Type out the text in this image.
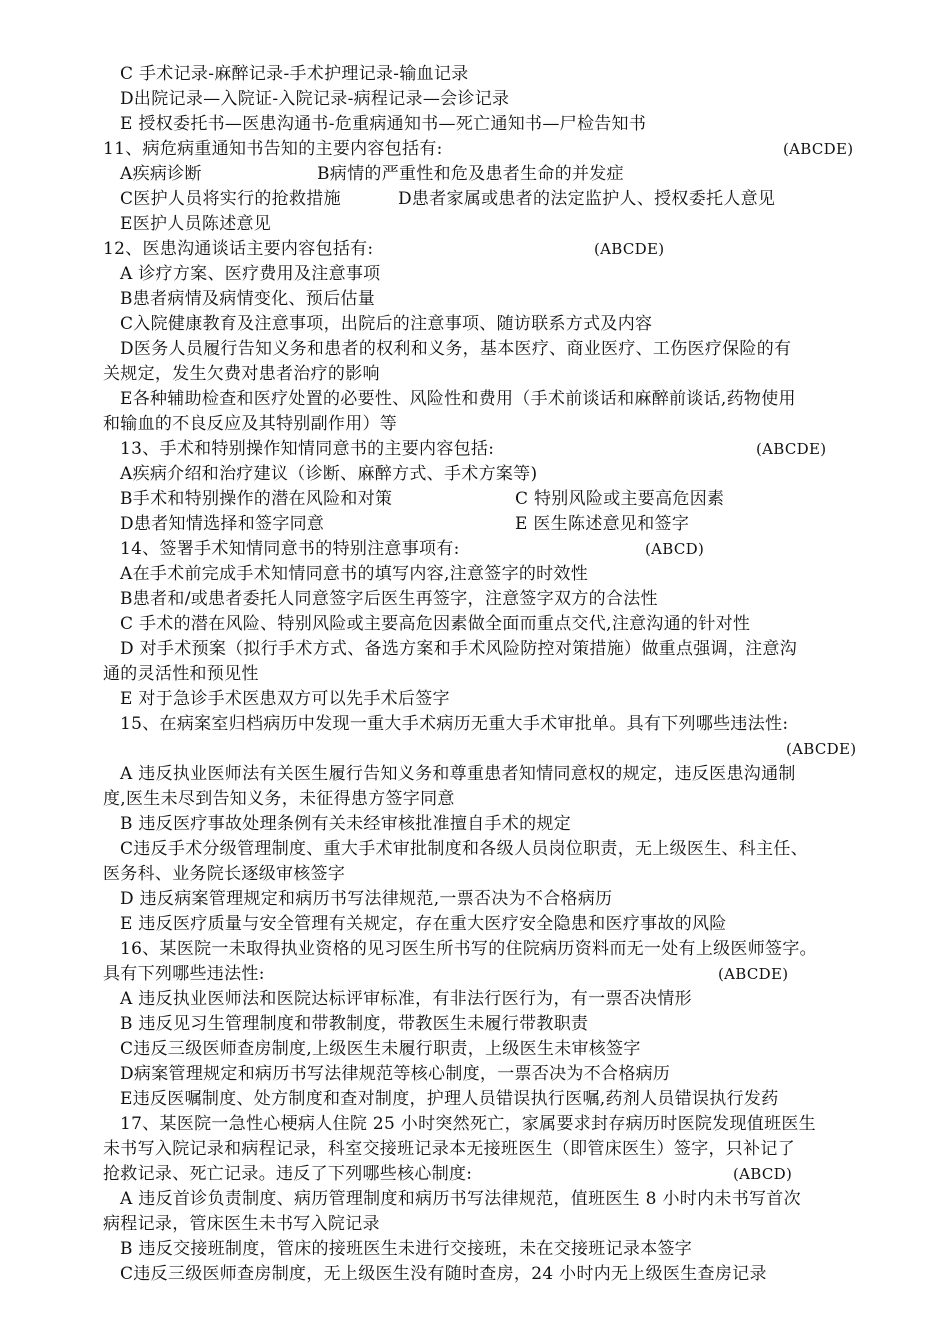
C 手术记录-麻醉记录-手术护理记录-输血记录
D出院记录—入院证-入院记录-病程记录—会诊记录
E 授权委托书—医患沟通书-危重病通知书—死亡通知书—尸检告知书
11、病危病重通知书告知的主要内容包括有:	(ABCDE)
A疾病诊断	B病情的严重性和危及患者生命的并发症
C医护人员将实行的抢救措施	D患者家属或患者的法定监护人、授权委托人意见
E医护人员陈述意见
12、医患沟通谈话主要内容包括有:	(ABCDE)
A 诊疗方案、医疗费用及注意事项
B患者病情及病情变化、预后估量
C入院健康教育及注意事项，出院后的注意事项、随访联系方式及内容
D医务人员履行告知义务和患者的权利和义务，基本医疗、商业医疗、工伤医疗保险的有
关规定，发生欠费对患者治疗的影响
E各种辅助检查和医疗处置的必要性、风险性和费用（手术前谈话和麻醉前谈话,药物使用
和输血的不良反应及其特别副作用）等
13、手术和特别操作知情同意书的主要内容包括:	(ABCDE)
A疾病介绍和治疗建议（诊断、麻醉方式、手术方案等)
B手术和特别操作的潜在风险和对策	C 特别风险或主要高危因素
D患者知情选择和签字同意	E 医生陈述意见和签字
14、签署手术知情同意书的特别注意事项有:	(ABCD)
A在手术前完成手术知情同意书的填写内容,注意签字的时效性
B患者和/或患者委托人同意签字后医生再签字，注意签字双方的合法性
C 手术的潜在风险、特别风险或主要高危因素做全面而重点交代,注意沟通的针对性
D 对手术预案（拟行手术方式、备选方案和手术风险防控对策措施）做重点强调，注意沟
通的灵活性和预见性
E 对于急诊手术医患双方可以先手术后签字
15、在病案室归档病历中发现一重大手术病历无重大手术审批单。具有下列哪些违法性:
(ABCDE)
A 违反执业医师法有关医生履行告知义务和尊重患者知情同意权的规定，违反医患沟通制
度,医生未尽到告知义务，未征得患方签字同意
B 违反医疗事故处理条例有关未经审核批准擅自手术的规定
C违反手术分级管理制度、重大手术审批制度和各级人员岗位职责，无上级医生、科主任、
医务科、业务院长逐级审核签字
D 违反病案管理规定和病历书写法律规范,一票否决为不合格病历
E 违反医疗质量与安全管理有关规定，存在重大医疗安全隐患和医疗事故的风险
16、某医院一未取得执业资格的见习医生所书写的住院病历资料而无一处有上级医师签字。
具有下列哪些违法性:	(ABCDE)
A 违反执业医师法和医院达标评审标准，有非法行医行为，有一票否决情形
B 违反见习生管理制度和带教制度，带教医生未履行带教职责
C违反三级医师查房制度,上级医生未履行职责，上级医生未审核签字
D病案管理规定和病历书写法律规范等核心制度，一票否决为不合格病历
E违反医嘱制度、处方制度和查对制度，护理人员错误执行医嘱,药剂人员错误执行发药
17、某医院一急性心梗病人住院 25 小时突然死亡，家属要求封存病历时医院发现值班医生
未书写入院记录和病程记录，科室交接班记录本无接班医生（即管床医生）签字，只补记了
抢救记录、死亡记录。违反了下列哪些核心制度:	(ABCD)
A 违反首诊负责制度、病历管理制度和病历书写法律规范，值班医生 8 小时内未书写首次
病程记录，管床医生未书写入院记录
B 违反交接班制度，管床的接班医生未进行交接班，未在交接班记录本签字
C违反三级医师查房制度，无上级医生没有随时查房，24 小时内无上级医生查房记录
